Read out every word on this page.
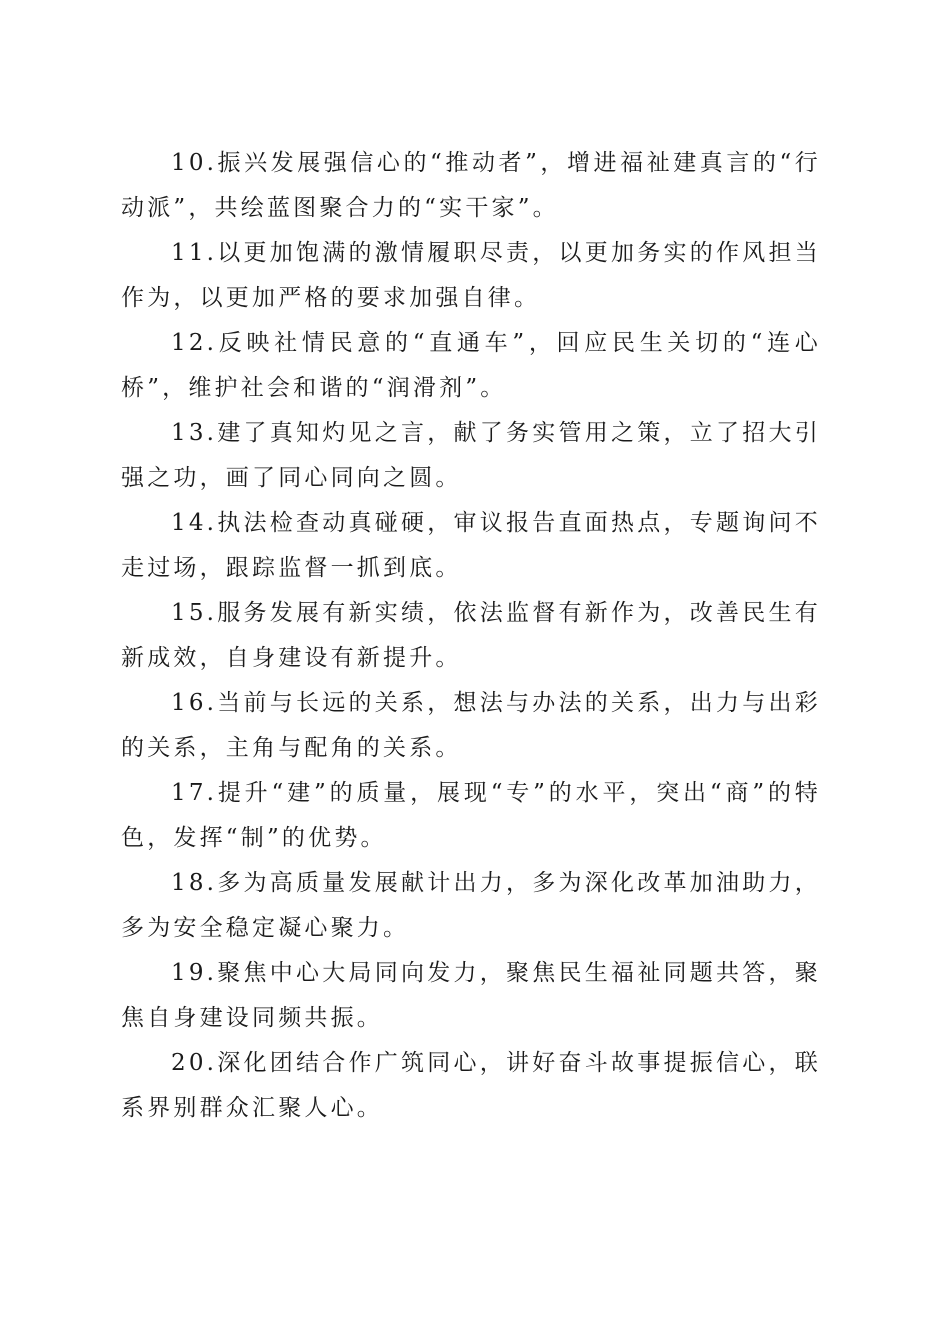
10.振兴发展强信心的“推动者”，增进福祉建真言的“行动派”，共绘蓝图聚合力的“实干家”。

11.以更加饱满的激情履职尽责，以更加务实的作风担当作为，以更加严格的要求加强自律。

12.反映社情民意的“直通车”，回应民生关切的“连心桥”，维护社会和谐的“润滑剂”。

13.建了真知灼见之言，献了务实管用之策，立了招大引强之功，画了同心同向之圆。

14.执法检查动真碰硬，审议报告直面热点，专题询问不走过场，跟踪监督一抓到底。

15.服务发展有新实绩，依法监督有新作为，改善民生有新成效，自身建设有新提升。

16.当前与长远的关系，想法与办法的关系，出力与出彩的关系，主角与配角的关系。

17.提升“建”的质量，展现“专”的水平，突出“商”的特色，发挥“制”的优势。

18.多为高质量发展献计出力，多为深化改革加油助力，多为安全稳定凝心聚力。

19.聚焦中心大局同向发力，聚焦民生福祉同题共答，聚焦自身建设同频共振。

20.深化团结合作广筑同心，讲好奋斗故事提振信心，联系界别群众汇聚人心。
